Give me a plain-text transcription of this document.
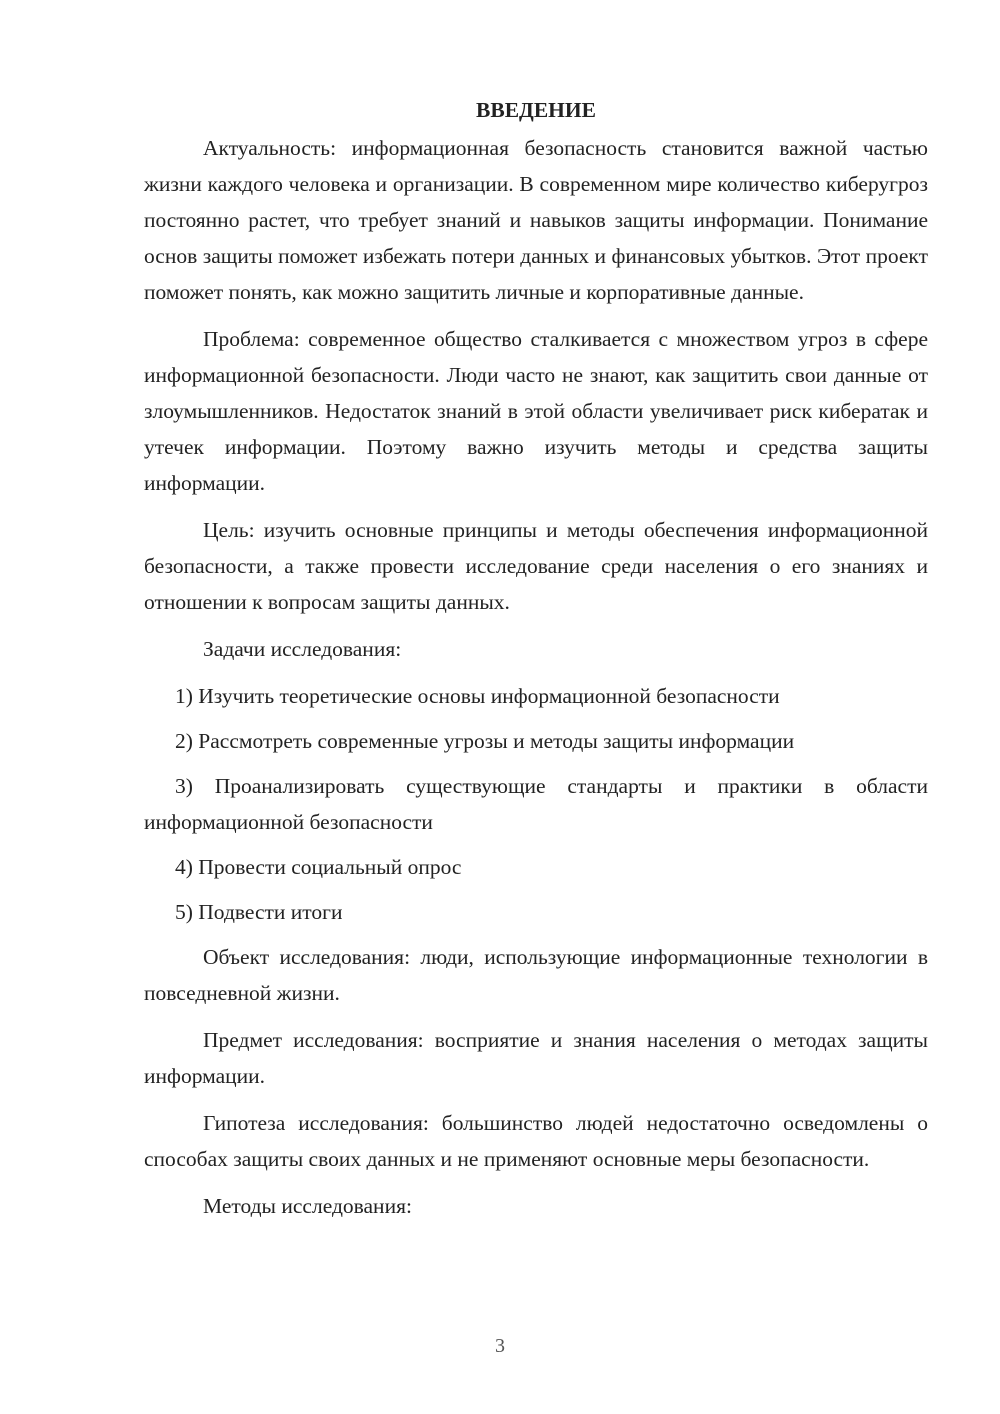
ВВЕДЕНИЕ

Актуальность: информационная безопасность становится важной частью жизни каждого человека и организации. В современном мире количество киберугроз постоянно растет, что требует знаний и навыков защиты информации. Понимание основ защиты поможет избежать потери данных и финансовых убытков. Этот проект поможет понять, как можно защитить личные и корпоративные данные.

Проблема: современное общество сталкивается с множеством угроз в сфере информационной безопасности. Люди часто не знают, как защитить свои данные от злоумышленников. Недостаток знаний в этой области увеличивает риск кибератак и утечек информации. Поэтому важно изучить методы и средства защиты информации.

Цель: изучить основные принципы и методы обеспечения информационной безопасности, а также провести исследование среди населения о его знаниях и отношении к вопросам защиты данных.

Задачи исследования:

1) Изучить теоретические основы информационной безопасности

2) Рассмотреть современные угрозы и методы защиты информации

3) Проанализировать существующие стандарты и практики в области информационной безопасности

4) Провести социальный опрос

5) Подвести итоги

Объект исследования: люди, использующие информационные технологии в повседневной жизни.

Предмет исследования: восприятие и знания населения о методах защиты информации.

Гипотеза исследования: большинство людей недостаточно осведомлены о способах защиты своих данных и не применяют основные меры безопасности.

Методы исследования:

3
